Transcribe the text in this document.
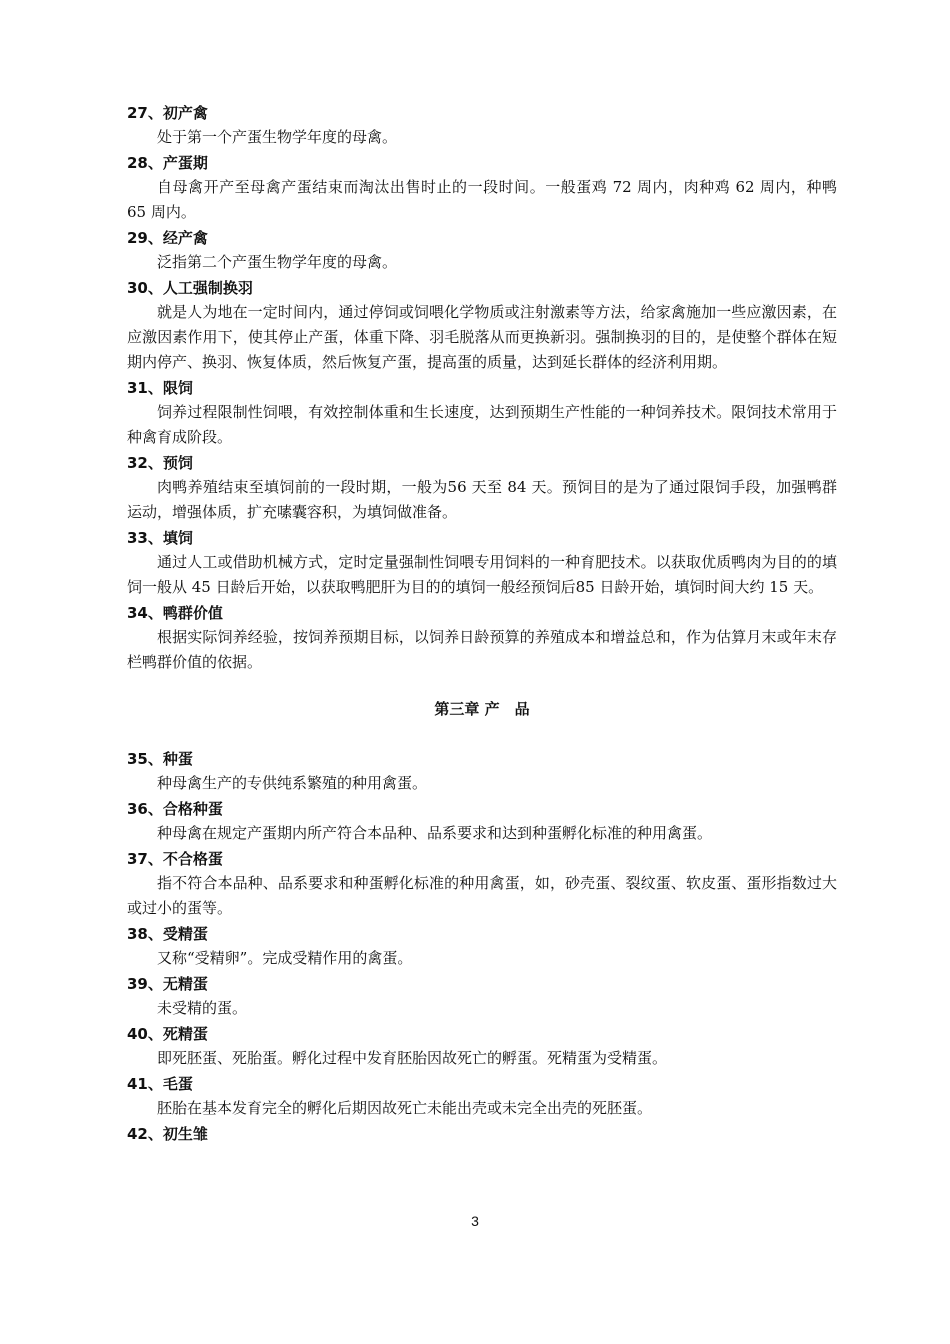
27、初产禽
处于第一个产蛋生物学年度的母禽。
28、产蛋期
自母禽开产至母禽产蛋结束而淘汰出售时止的一段时间。一般蛋鸡 72 周内，肉种鸡 62 周内，种鸭 65 周内。
29、经产禽
泛指第二个产蛋生物学年度的母禽。
30、人工强制换羽
就是人为地在一定时间内，通过停饲或饲喂化学物质或注射激素等方法，给家禽施加一些应激因素，在应激因素作用下，使其停止产蛋，体重下降、羽毛脱落从而更换新羽。强制换羽的目的，是使整个群体在短期内停产、换羽、恢复体质，然后恢复产蛋，提高蛋的质量，达到延长群体的经济利用期。
31、限饲
饲养过程限制性饲喂，有效控制体重和生长速度，达到预期生产性能的一种饲养技术。限饲技术常用于种禽育成阶段。
32、预饲
肉鸭养殖结束至填饲前的一段时期，一般为56 天至 84 天。预饲目的是为了通过限饲手段，加强鸭群运动，增强体质，扩充嗉囊容积，为填饲做准备。
33、填饲
通过人工或借助机械方式，定时定量强制性饲喂专用饲料的一种育肥技术。以获取优质鸭肉为目的的填饲一般从 45 日龄后开始，以获取鸭肥肝为目的的填饲一般经预饲后85 日龄开始，填饲时间大约 15 天。
34、鸭群价值
根据实际饲养经验，按饲养预期目标，以饲养日龄预算的养殖成本和增益总和，作为估算月末或年末存栏鸭群价值的依据。
第三章 产　品
35、种蛋
种母禽生产的专供纯系繁殖的种用禽蛋。
36、合格种蛋
种母禽在规定产蛋期内所产符合本品种、品系要求和达到种蛋孵化标准的种用禽蛋。
37、不合格蛋
指不符合本品种、品系要求和种蛋孵化标准的种用禽蛋，如，砂壳蛋、裂纹蛋、软皮蛋、蛋形指数过大或过小的蛋等。
38、受精蛋
又称“受精卵”。完成受精作用的禽蛋。
39、无精蛋
未受精的蛋。
40、死精蛋
即死胚蛋、死胎蛋。孵化过程中发育胚胎因故死亡的孵蛋。死精蛋为受精蛋。
41、毛蛋
胚胎在基本发育完全的孵化后期因故死亡未能出壳或未完全出壳的死胚蛋。
42、初生雏
3
